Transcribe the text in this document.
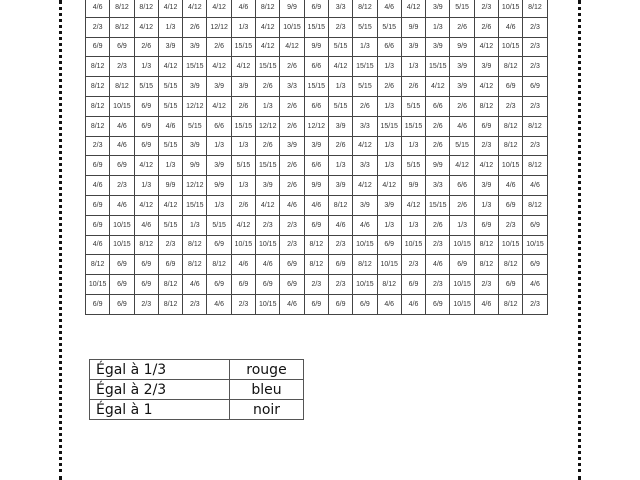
4/6	8/12	8/12	4/12	4/12	4/12	4/6	8/12	9/9	6/9	3/3	8/12	4/6	4/12	3/9	5/15	2/3	10/15	8/12
2/3	8/12	4/12	1/3	2/6	12/12	1/3	4/12	10/15	15/15	2/3	5/15	5/15	9/9	1/3	2/6	2/6	4/6	2/3
6/9	6/9	2/6	3/9	3/9	2/6	15/15	4/12	4/12	9/9	5/15	1/3	6/6	3/9	3/9	9/9	4/12	10/15	2/3
8/12	2/3	1/3	4/12	15/15	4/12	4/12	15/15	2/6	6/6	4/12	15/15	1/3	1/3	15/15	3/9	3/9	8/12	2/3
8/12	8/12	5/15	5/15	3/9	3/9	3/9	2/6	3/3	15/15	1/3	5/15	2/6	2/6	4/12	3/9	4/12	6/9	6/9
8/12	10/15	6/9	5/15	12/12	4/12	2/6	1/3	2/6	6/6	5/15	2/6	1/3	5/15	6/6	2/6	8/12	2/3	2/3
8/12	4/6	6/9	4/6	5/15	6/6	15/15	12/12	2/6	12/12	3/9	3/3	15/15	15/15	2/6	4/6	6/9	8/12	8/12
2/3	4/6	6/9	5/15	3/9	1/3	1/3	2/6	3/9	3/9	2/6	4/12	1/3	1/3	2/6	5/15	2/3	8/12	2/3
6/9	6/9	4/12	1/3	9/9	3/9	5/15	15/15	2/6	6/6	1/3	3/3	1/3	5/15	9/9	4/12	4/12	10/15	8/12
4/6	2/3	1/3	9/9	12/12	9/9	1/3	3/9	2/6	9/9	3/9	4/12	4/12	9/9	3/3	6/6	3/9	4/6	4/6
6/9	4/6	4/12	4/12	15/15	1/3	2/6	4/12	4/6	4/6	8/12	3/9	3/9	4/12	15/15	2/6	1/3	6/9	8/12
6/9	10/15	4/6	5/15	1/3	5/15	4/12	2/3	2/3	6/9	4/6	4/6	1/3	1/3	2/6	1/3	6/9	2/3	6/9
4/6	10/15	8/12	2/3	8/12	6/9	10/15	10/15	2/3	8/12	2/3	10/15	6/9	10/15	2/3	10/15	8/12	10/15	10/15
8/12	6/9	6/9	6/9	8/12	8/12	4/6	4/6	6/9	8/12	6/9	8/12	10/15	2/3	4/6	6/9	8/12	8/12	6/9
10/15	6/9	6/9	8/12	4/6	6/9	6/9	6/9	6/9	2/3	2/3	10/15	8/12	6/9	2/3	10/15	2/3	6/9	4/6
6/9	6/9	2/3	8/12	2/3	4/6	2/3	10/15	4/6	6/9	6/9	6/9	4/6	4/6	6/9	10/15	4/6	8/12	2/3
Égal à 1/3	rouge
Égal à 2/3	bleu
Égal à 1	noir
